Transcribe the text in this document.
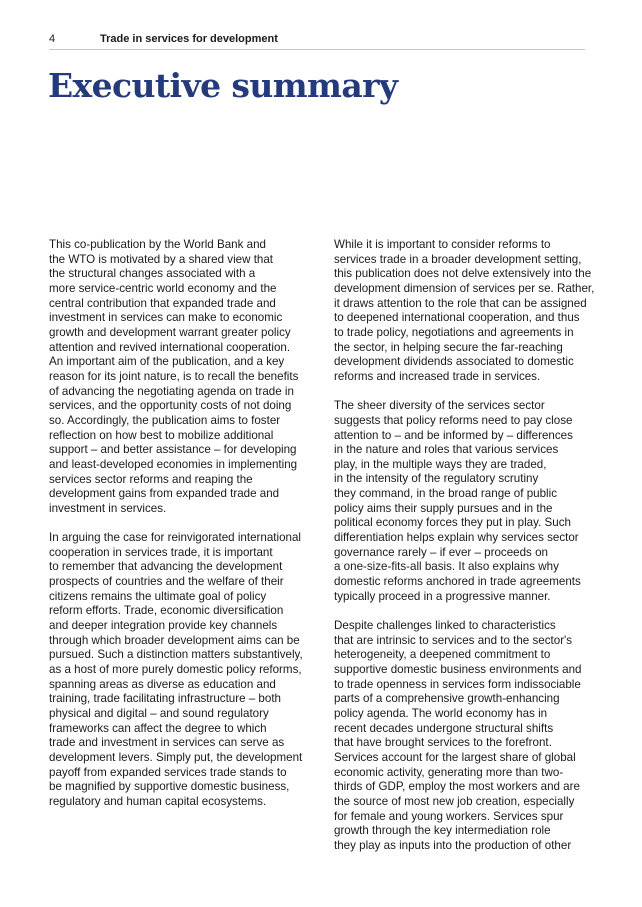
4	Trade in services for development
Executive summary
This co-publication by the World Bank and
the WTO is motivated by a shared view that
the structural changes associated with a
more service-centric world economy and the
central contribution that expanded trade and
investment in services can make to economic
growth and development warrant greater policy
attention and revived international cooperation.
An important aim of the publication, and a key
reason for its joint nature, is to recall the benefits
of advancing the negotiating agenda on trade in
services, and the opportunity costs of not doing
so. Accordingly, the publication aims to foster
reflection on how best to mobilize additional
support – and better assistance – for developing
and least-developed economies in implementing
services sector reforms and reaping the
development gains from expanded trade and
investment in services.
In arguing the case for reinvigorated international
cooperation in services trade, it is important
to remember that advancing the development
prospects of countries and the welfare of their
citizens remains the ultimate goal of policy
reform efforts. Trade, economic diversification
and deeper integration provide key channels
through which broader development aims can be
pursued. Such a distinction matters substantively,
as a host of more purely domestic policy reforms,
spanning areas as diverse as education and
training, trade facilitating infrastructure – both
physical and digital – and sound regulatory
frameworks can affect the degree to which
trade and investment in services can serve as
development levers. Simply put, the development
payoff from expanded services trade stands to
be magnified by supportive domestic business,
regulatory and human capital ecosystems.
While it is important to consider reforms to
services trade in a broader development setting,
this publication does not delve extensively into the
development dimension of services per se. Rather,
it draws attention to the role that can be assigned
to deepened international cooperation, and thus
to trade policy, negotiations and agreements in
the sector, in helping secure the far-reaching
development dividends associated to domestic
reforms and increased trade in services.
The sheer diversity of the services sector
suggests that policy reforms need to pay close
attention to – and be informed by – differences
in the nature and roles that various services
play, in the multiple ways they are traded,
in the intensity of the regulatory scrutiny
they command, in the broad range of public
policy aims their supply pursues and in the
political economy forces they put in play. Such
differentiation helps explain why services sector
governance rarely – if ever – proceeds on
a one-size-fits-all basis. It also explains why
domestic reforms anchored in trade agreements
typically proceed in a progressive manner.
Despite challenges linked to characteristics
that are intrinsic to services and to the sector's
heterogeneity, a deepened commitment to
supportive domestic business environments and
to trade openness in services form indissociable
parts of a comprehensive growth-enhancing
policy agenda. The world economy has in
recent decades undergone structural shifts
that have brought services to the forefront.
Services account for the largest share of global
economic activity, generating more than two-
thirds of GDP, employ the most workers and are
the source of most new job creation, especially
for female and young workers. Services spur
growth through the key intermediation role
they play as inputs into the production of other
